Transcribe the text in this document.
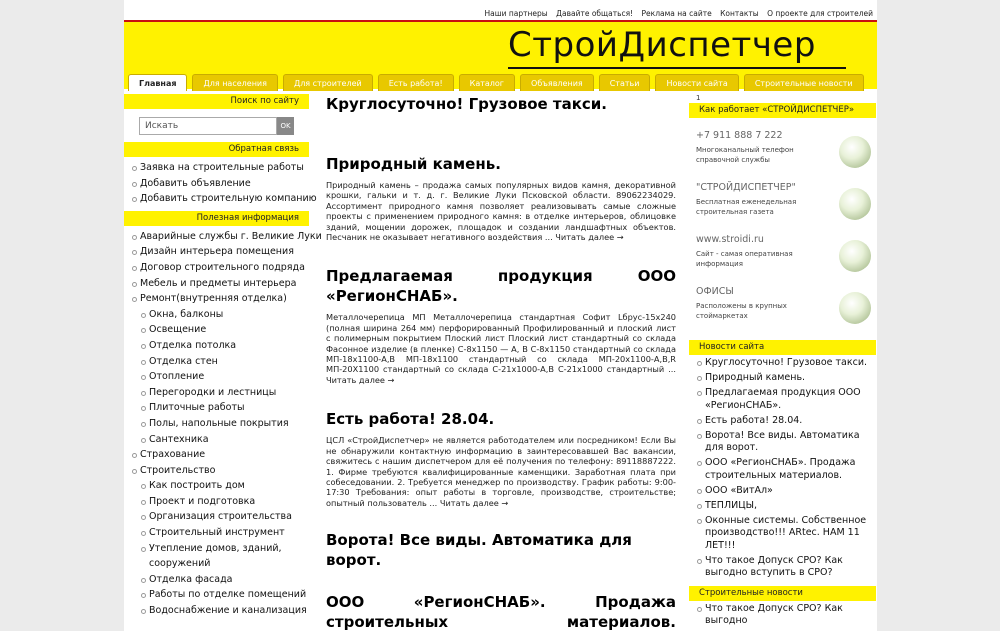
Наши партнеры Давайте общаться! Реклама на сайте Контакты О проекте для строителей
СтройДиспетчер
Главная	Для населения	Для строителей	Есть работа!	Каталог	Объявления	Статьи	Новости сайта	Строительные новости
Поиск по сайту
Искать	OK
Обратная связь
Заявка на строительные работы
Добавить объявление
Добавить строительную компанию
Полезная информация
Аварийные службы г. Великие Луки
Дизайн интерьера помещения
Договор строительного подряда
Мебель и предметы интерьера
Ремонт(внутренняя отделка)
Окна, балконы
Освещение
Отделка потолка
Отделка стен
Отопление
Перегородки и лестницы
Плиточные работы
Полы, напольные покрытия
Сантехника
Страхование
Строительство
Как построить дом
Проект и подготовка
Организация строительства
Строительный инструмент
Утепление домов, зданий,
сооружений
Отделка фасада
Работы по отделке помещений
Водоснабжение и канализация
Круглосуточно! Грузовое такси.
Природный камень.

Природный камень – продажа самых популярных видов камня, декоративной крошки, гальки и т. д. г. Великие Луки Псковской области. 89062234029. Ассортимент природного камня позволяет реализовывать самые сложные проекты с применением природного камня: в отделке интерьеров, облицовке зданий, мощении дорожек, площадок и создании ландшафтных объектов. Песчаник не оказывает негативного воздействия ... Читать далее →

Предлагаемая продукция ООО «РегионСНАБ».

Металлочерепица МП Металлочерепица стандартная Софит Lбрус-15х240 (полная ширина 264 мм) перфорированный Профилированный и плоский лист с полимерным покрытием Плоский лист Плоский лист стандартный со склада Фасонное изделие (в пленке) С-8х1150 — А, В С-8х1150 стандартный со склада МП-18х1100-А,В МП-18х1100 стандартный со склада МП-20х1100-А,В,R МП-20Х1100 стандартный со склада С-21х1000-А,В С-21х1000 стандартный ... Читать далее →

Есть работа! 28.04.

ЦСЛ «СтройДиспетчер» не является работодателем или посредником! Если Вы не обнаружили контактную информацию в заинтересовавшей Вас вакансии, свяжитесь с нашим диспетчером для её получения по телефону: 89118887222. 1. Фирме требуются квалифицированные каменщики. Заработная плата при собеседовании. 2. Требуется менеджер по производству. График работы: 9:00-17:30 Требования: опыт работы в торговле, производстве, строительстве; опытный пользователь ... Читать далее →

Ворота! Все виды. Автоматика для ворот.
ООО «РегионСНАБ». Продажа строительных материалов.
1
Как работает «СТРОЙДИСПЕТЧЕР»
+7 911 888 7 222
Многоканальный телефон справочной службы
"СТРОЙДИСПЕТЧЕР"
Бесплатная еженедельная строительная газета
www.stroidi.ru
Сайт - самая оперативная информация
ОФИСЫ
Расположены в крупных стоймаркетах
Новости сайта
Круглосуточно! Грузовое такси.
Природный камень.
Предлагаемая продукция ООО «РегионСНАБ».
Есть работа! 28.04.
Ворота! Все виды. Автоматика для ворот.
ООО «РегионСНАБ». Продажа строительных материалов.
ООО «ВитАл»
ТЕПЛИЦЫ,
Оконные системы. Собственное производство!!! ARtec. НАМ 11 ЛЕТ!!!
Что такое Допуск СРО? Как выгодно вступить в СРО?
Строительные новости
Что такое Допуск СРО? Как выгодно
